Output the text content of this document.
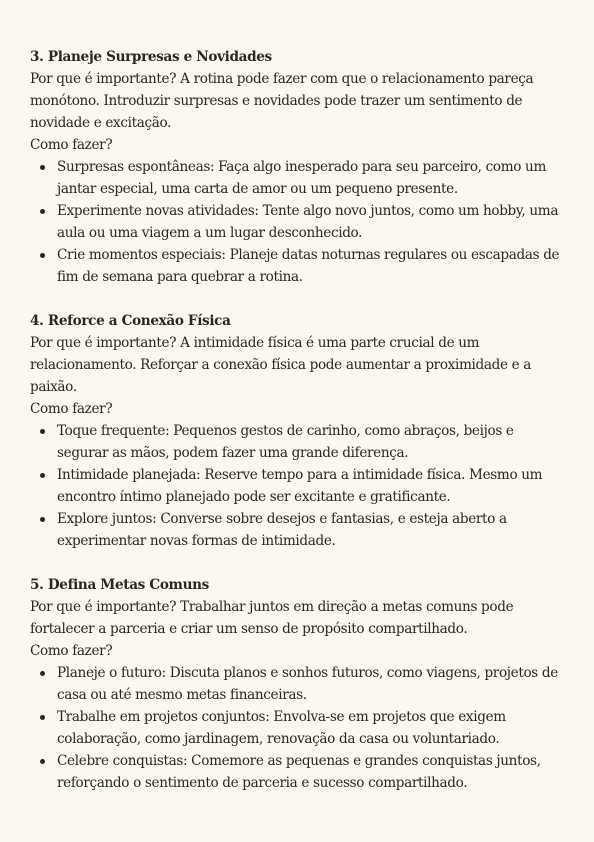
3. Planeje Surpresas e Novidades

Por que é importante? A rotina pode fazer com que o relacionamento pareça monótono. Introduzir surpresas e novidades pode trazer um sentimento de novidade e excitação.

Como fazer?

Surpresas espontâneas: Faça algo inesperado para seu parceiro, como um jantar especial, uma carta de amor ou um pequeno presente.
Experimente novas atividades: Tente algo novo juntos, como um hobby, uma aula ou uma viagem a um lugar desconhecido.
Crie momentos especiais: Planeje datas noturnas regulares ou escapadas de fim de semana para quebrar a rotina.

4. Reforce a Conexão Física

Por que é importante? A intimidade física é uma parte crucial de um relacionamento. Reforçar a conexão física pode aumentar a proximidade e a paixão.

Como fazer?

Toque frequente: Pequenos gestos de carinho, como abraços, beijos e segurar as mãos, podem fazer uma grande diferença.
Intimidade planejada: Reserve tempo para a intimidade física. Mesmo um encontro íntimo planejado pode ser excitante e gratificante.
Explore juntos: Converse sobre desejos e fantasias, e esteja aberto a experimentar novas formas de intimidade.

5. Defina Metas Comuns

Por que é importante? Trabalhar juntos em direção a metas comuns pode fortalecer a parceria e criar um senso de propósito compartilhado.

Como fazer?

Planeje o futuro: Discuta planos e sonhos futuros, como viagens, projetos de casa ou até mesmo metas financeiras.
Trabalhe em projetos conjuntos: Envolva-se em projetos que exigem colaboração, como jardinagem, renovação da casa ou voluntariado.
Celebre conquistas: Comemore as pequenas e grandes conquistas juntos, reforçando o sentimento de parceria e sucesso compartilhado.
